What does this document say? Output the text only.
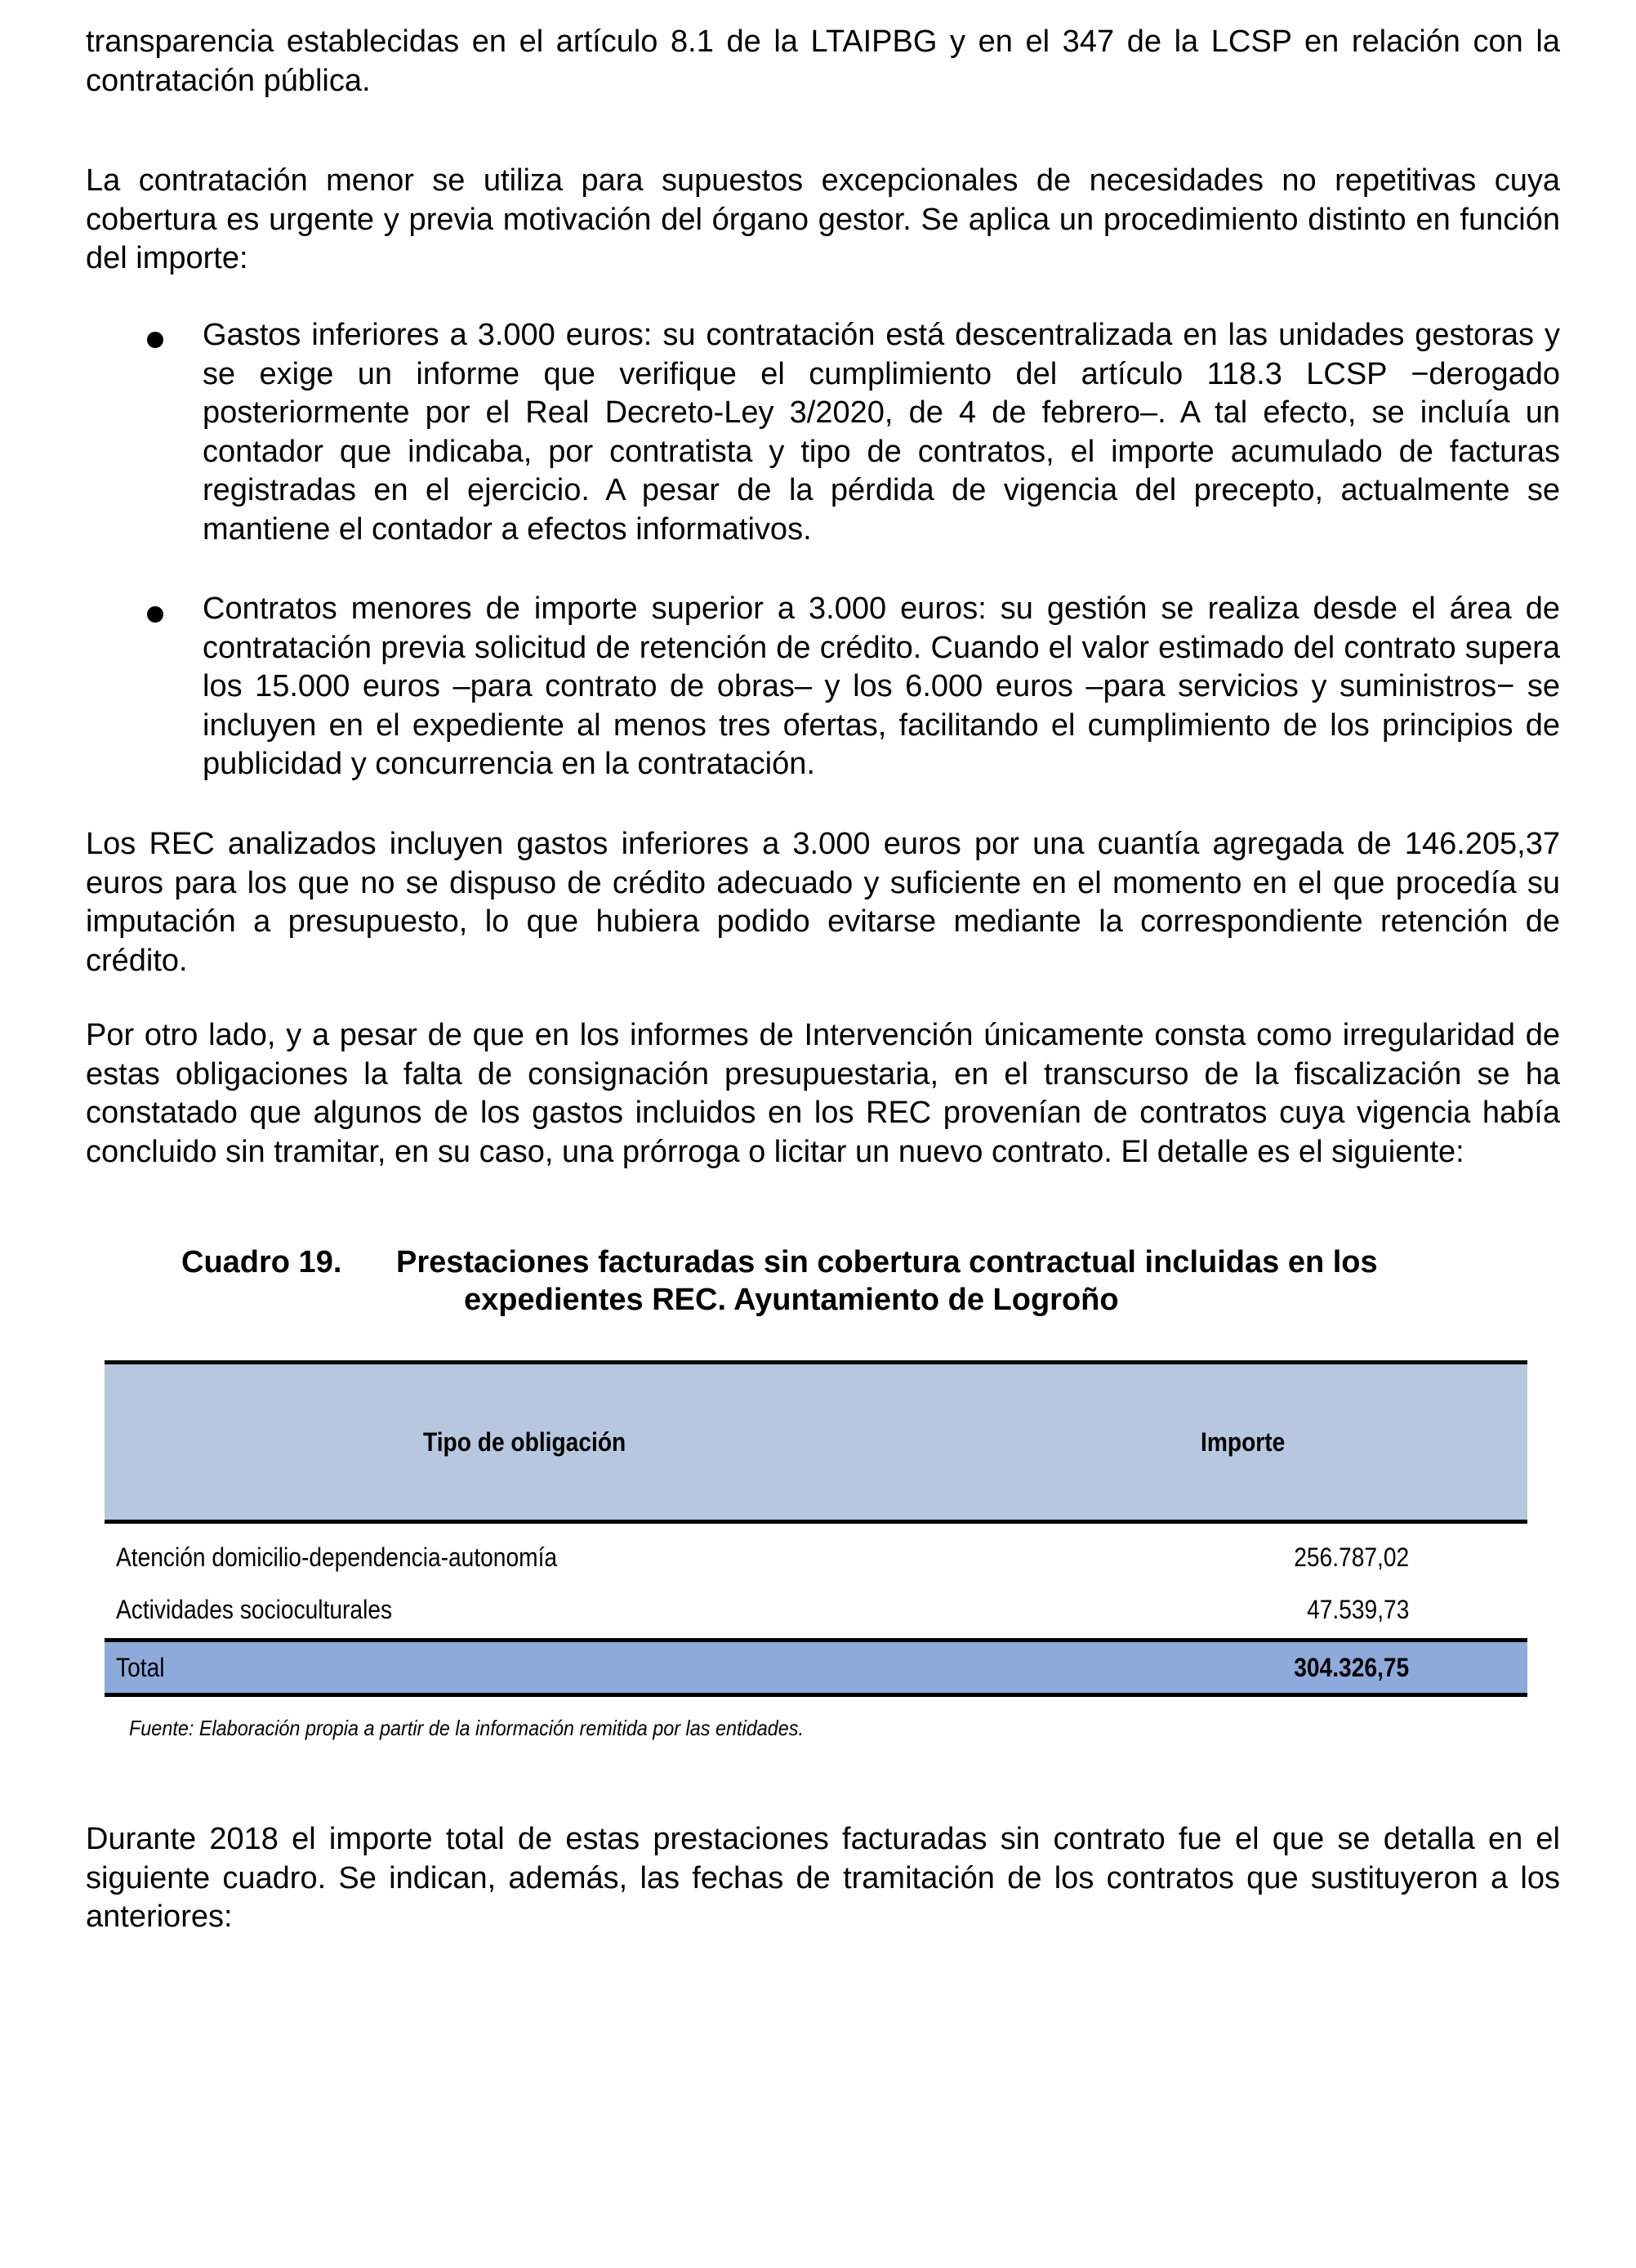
transparencia establecidas en el artículo 8.1 de la LTAIPBG y en el 347 de la LCSP en relación con la contratación pública.

La contratación menor se utiliza para supuestos excepcionales de necesidades no repetitivas cuya cobertura es urgente y previa motivación del órgano gestor. Se aplica un procedimiento distinto en función del importe:

Gastos inferiores a 3.000 euros: su contratación está descentralizada en las unidades gestoras y se exige un informe que verifique el cumplimiento del artículo 118.3 LCSP −derogado posteriormente por el Real Decreto-Ley 3/2020, de 4 de febrero–. A tal efecto, se incluía un contador que indicaba, por contratista y tipo de contratos, el importe acumulado de facturas registradas en el ejercicio. A pesar de la pérdida de vigencia del precepto, actualmente se mantiene el contador a efectos informativos.

Contratos menores de importe superior a 3.000 euros: su gestión se realiza desde el área de contratación previa solicitud de retención de crédito. Cuando el valor estimado del contrato supera los 15.000 euros –para contrato de obras– y los 6.000 euros –para servicios y suministros− se incluyen en el expediente al menos tres ofertas, facilitando el cumplimiento de los principios de publicidad y concurrencia en la contratación.

Los REC analizados incluyen gastos inferiores a 3.000 euros por una cuantía agregada de 146.205,37 euros para los que no se dispuso de crédito adecuado y suficiente en el momento en el que procedía su imputación a presupuesto, lo que hubiera podido evitarse mediante la correspondiente retención de crédito.

Por otro lado, y a pesar de que en los informes de Intervención únicamente consta como irregularidad de estas obligaciones la falta de consignación presupuestaria, en el transcurso de la fiscalización se ha constatado que algunos de los gastos incluidos en los REC provenían de contratos cuya vigencia había concluido sin tramitar, en su caso, una prórroga o licitar un nuevo contrato. El detalle es el siguiente:

Cuadro 19. Prestaciones facturadas sin cobertura contractual incluidas en los
expedientes REC. Ayuntamiento de Logroño
Tipo de obligación	Importe
Atención domicilio-dependencia-autonomía	256.787,02
Actividades socioculturales	47.539,73
Total	304.326,75
Fuente: Elaboración propia a partir de la información remitida por las entidades.

Durante 2018 el importe total de estas prestaciones facturadas sin contrato fue el que se detalla en el siguiente cuadro. Se indican, además, las fechas de tramitación de los contratos que sustituyeron a los anteriores:
